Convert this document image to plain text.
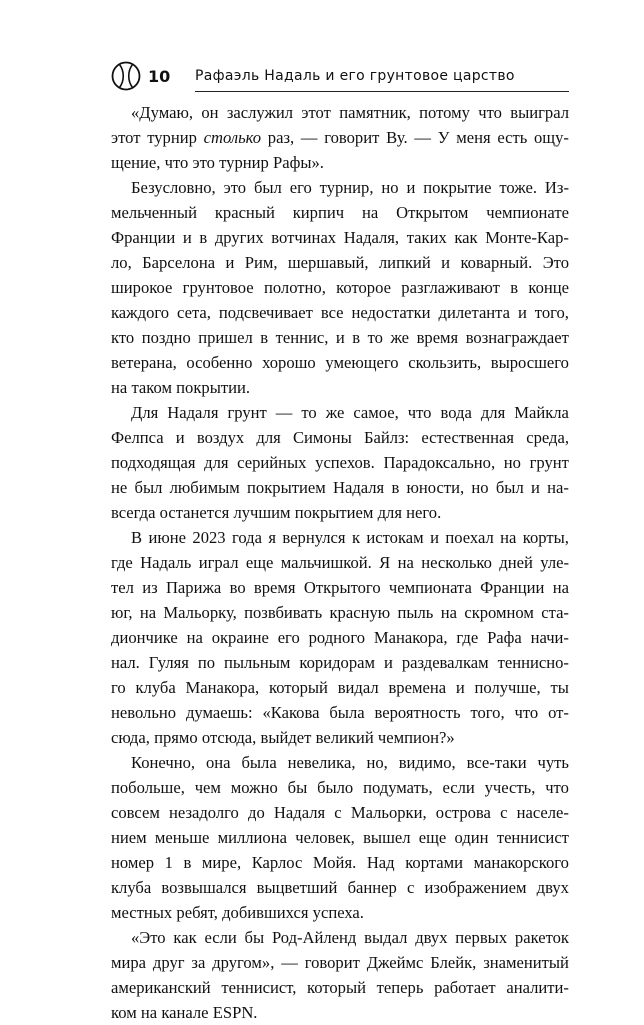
10 Рафаэль Надаль и его грунтовое царство
«Думаю, он заслужил этот памятник, потому что выиграл
этот турнир столько раз, — говорит Ву. — У меня есть ощу-
щение, что это турнир Рафы».
Безусловно, это был его турнир, но и покрытие тоже. Из-
мельченный красный кирпич на Открытом чемпионате
Франции и в других вотчинах Надаля, таких как Монте-Кар-
ло, Барселона и Рим, шершавый, липкий и коварный. Это
широкое грунтовое полотно, которое разглаживают в конце
каждого сета, подсвечивает все недостатки дилетанта и того,
кто поздно пришел в теннис, и в то же время вознаграждает
ветерана, особенно хорошо умеющего скользить, выросшего
на таком покрытии.
Для Надаля грунт — то же самое, что вода для Майкла
Фелпса и воздух для Симоны Байлз: естественная среда,
подходящая для серийных успехов. Парадоксально, но грунт
не был любимым покрытием Надаля в юности, но был и на-
всегда останется лучшим покрытием для него.
В июне 2023 года я вернулся к истокам и поехал на корты,
где Надаль играл еще мальчишкой. Я на несколько дней уле-
тел из Парижа во время Открытого чемпионата Франции на
юг, на Мальорку, позвбивать красную пыль на скромном ста-
диончике на окраине его родного Манакора, где Рафа начи-
нал. Гуляя по пыльным коридорам и раздевалкам теннисно-
го клуба Манакора, который видал времена и получше, ты
невольно думаешь: «Какова была вероятность того, что от-
сюда, прямо отсюда, выйдет великий чемпион?»
Конечно, она была невелика, но, видимо, все-таки чуть
побольше, чем можно бы было подумать, если учесть, что
совсем незадолго до Надаля с Мальорки, острова с населе-
нием меньше миллиона человек, вышел еще один теннисист
номер 1 в мире, Карлос Мойя. Над кортами манакорского
клуба возвышался выцветший баннер с изображением двух
местных ребят, добившихся успеха.
«Это как если бы Род-Айленд выдал двух первых ракеток
мира друг за другом», — говорит Джеймс Блейк, знаменитый
американский теннисист, который теперь работает аналити-
ком на канале ESPN.
